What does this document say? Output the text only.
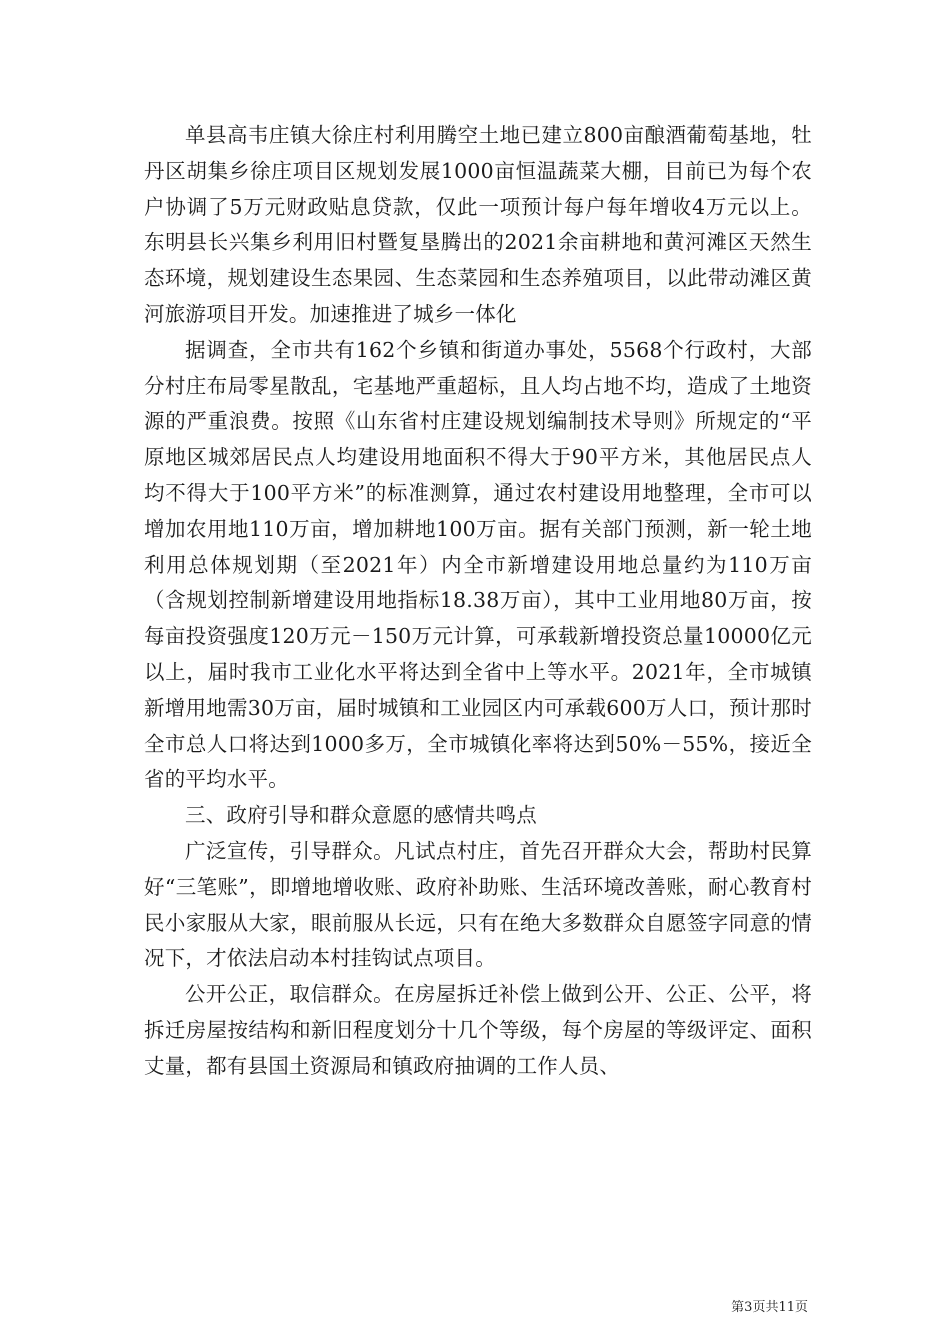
单县高韦庄镇大徐庄村利用腾空土地已建立800亩酿酒葡萄基地，牡丹区胡集乡徐庄项目区规划发展1000亩恒温蔬菜大棚，目前已为每个农户协调了5万元财政贴息贷款，仅此一项预计每户每年增收4万元以上。东明县长兴集乡利用旧村暨复垦腾出的2021余亩耕地和黄河滩区天然生态环境，规划建设生态果园、生态菜园和生态养殖项目，以此带动滩区黄河旅游项目开发。加速推进了城乡一体化

据调查，全市共有162个乡镇和街道办事处，5568个行政村，大部分村庄布局零星散乱，宅基地严重超标，且人均占地不均，造成了土地资源的严重浪费。按照《山东省村庄建设规划编制技术导则》所规定的“平原地区城郊居民点人均建设用地面积不得大于90平方米，其他居民点人均不得大于100平方米”的标准测算，通过农村建设用地整理，全市可以增加农用地110万亩，增加耕地100万亩。据有关部门预测，新一轮土地利用总体规划期（至2021年）内全市新增建设用地总量约为110万亩（含规划控制新增建设用地指标18.38万亩），其中工业用地80万亩，按每亩投资强度120万元－150万元计算，可承载新增投资总量10000亿元以上，届时我市工业化水平将达到全省中上等水平。2021年，全市城镇新增用地需30万亩，届时城镇和工业园区内可承载600万人口，预计那时全市总人口将达到1000多万，全市城镇化率将达到50%－55%，接近全省的平均水平。

三、政府引导和群众意愿的感情共鸣点

广泛宣传，引导群众。凡试点村庄，首先召开群众大会，帮助村民算好“三笔账”，即增地增收账、政府补助账、生活环境改善账，耐心教育村民小家服从大家，眼前服从长远，只有在绝大多数群众自愿签字同意的情况下，才依法启动本村挂钩试点项目。

公开公正，取信群众。在房屋拆迁补偿上做到公开、公正、公平，将拆迁房屋按结构和新旧程度划分十几个等级，每个房屋的等级评定、面积丈量，都有县国土资源局和镇政府抽调的工作人员、

第3页共11页
